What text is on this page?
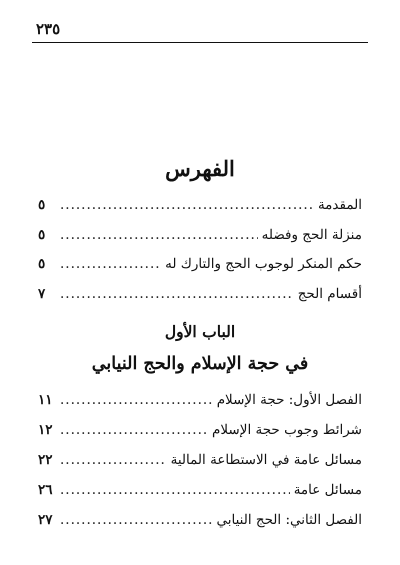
٢٣٥
الفهرس
المقدمة
.....
٥
منزلة الحج وفضله
.....
٥
حكم المنكر لوجوب الحج والتارك له
.....
٥
أقسام الحج
.....
٧
الباب الأول
في حجة الإسلام والحج النيابي
الفصل الأول: حجة الإسلام
.....
١١
شرائط وجوب حجة الإسلام
.....
١٢
مسائل عامة في الاستطاعة المالية
.....
٢٢
مسائل عامة
.....
٢٦
الفصل الثاني: الحج النيابي
.....
٢٧
